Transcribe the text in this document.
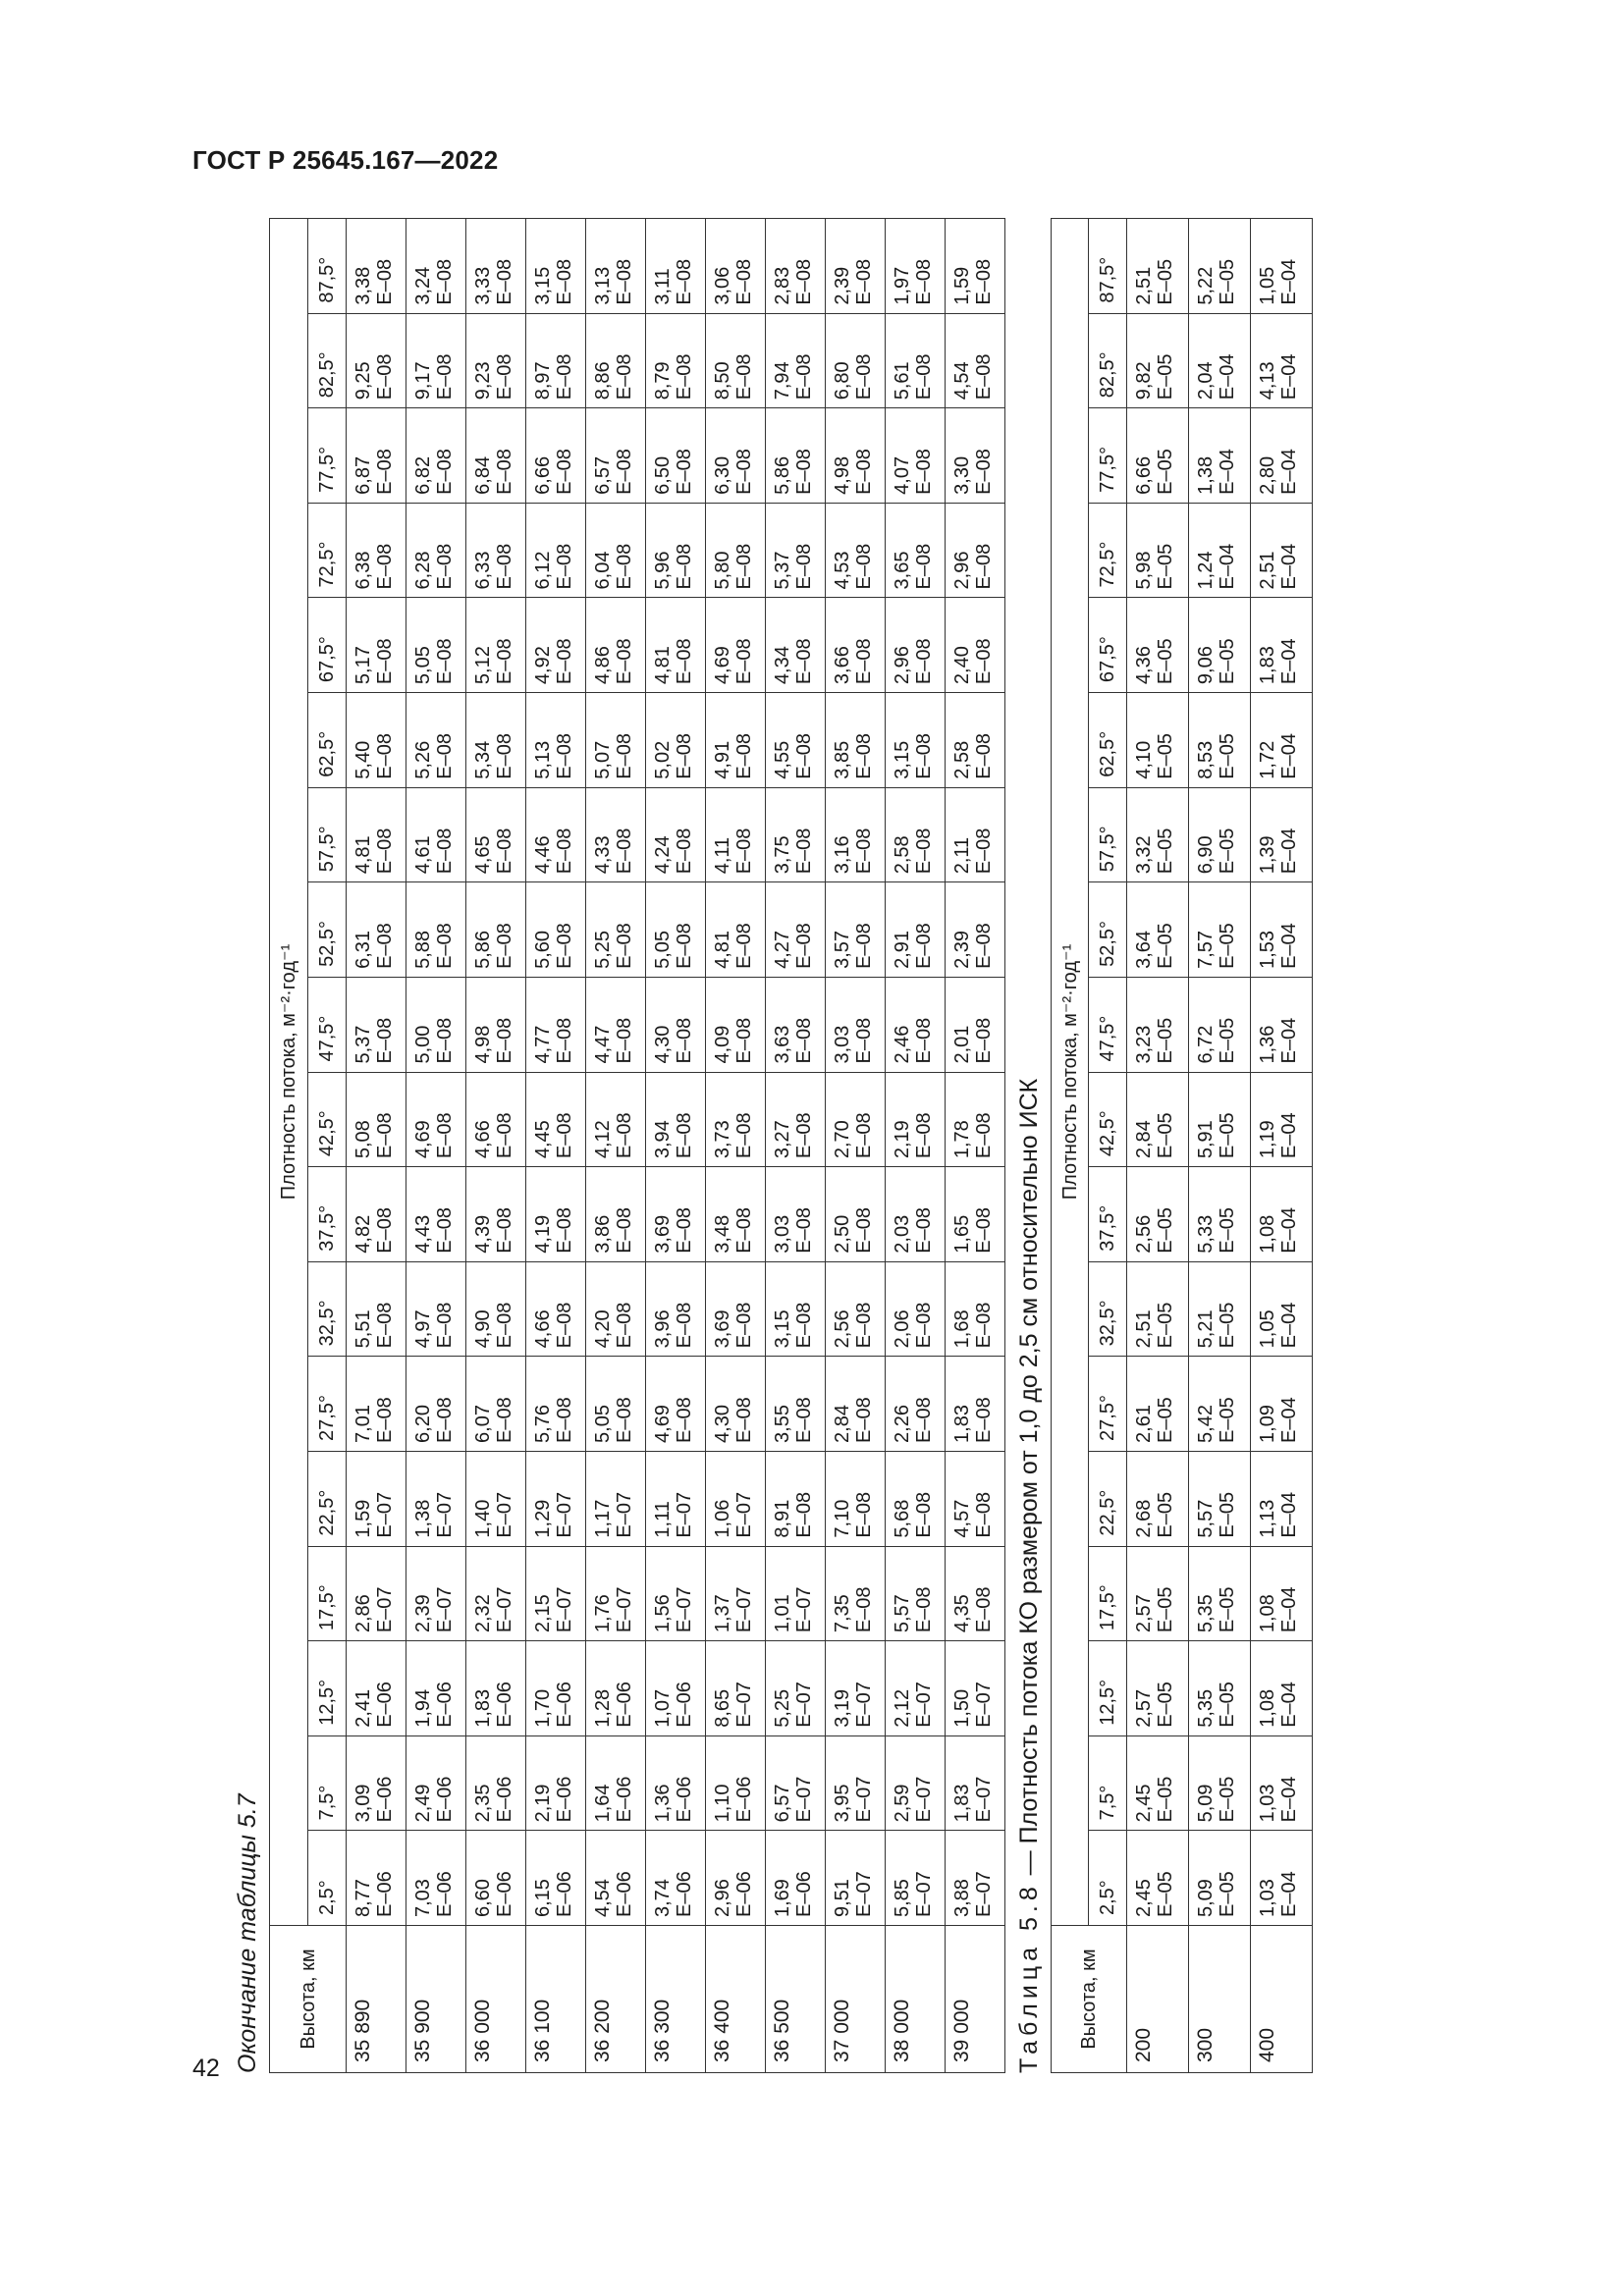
ГОСТ Р 25645.167—2022
42 Окончание таблицы 5.7	Высота, км	Плотность потока, м⁻²·год⁻¹																	
	2,5°	7,5°	12,5°	17,5°	22,5°	27,5°	32,5°	37,5°	42,5°	47,5°	52,5°	57,5°	62,5°	67,5°	72,5°	77,5°	82,5°	87,5°
35 890	8,77 E–06	3,09 E–06	2,41 E–06	2,86 E–07	1,59 E–07	7,01 E–08	5,51 E–08	4,82 E–08	5,08 E–08	5,37 E–08	6,31 E–08	4,81 E–08	5,40 E–08	5,17 E–08	6,38 E–08	6,87 E–08	9,25 E–08	3,38 E–08

35 900	7,03 E–06	2,49 E–06	1,94 E–06	2,39 E–07	1,38 E–07	6,20 E–08	4,97 E–08	4,43 E–08	4,69 E–08	5,00 E–08	5,88 E–08	4,61 E–08	5,26 E–08	5,05 E–08	6,28 E–08	6,82 E–08	9,17 E–08	3,24 E–08

36 000	6,60 E–06	2,35 E–06	1,83 E–06	2,32 E–07	1,40 E–07	6,07 E–08	4,90 E–08	4,39 E–08	4,66 E–08	4,98 E–08	5,86 E–08	4,65 E–08	5,34 E–08	5,12 E–08	6,33 E–08	6,84 E–08	9,23 E–08	3,33 E–08

36 100	6,15 E–06	2,19 E–06	1,70 E–06	2,15 E–07	1,29 E–07	5,76 E–08	4,66 E–08	4,19 E–08	4,45 E–08	4,77 E–08	5,60 E–08	4,46 E–08	5,13 E–08	4,92 E–08	6,12 E–08	6,66 E–08	8,97 E–08	3,15 E–08

36 200	4,54 E–06	1,64 E–06	1,28 E–06	1,76 E–07	1,17 E–07	5,05 E–08	4,20 E–08	3,86 E–08	4,12 E–08	4,47 E–08	5,25 E–08	4,33 E–08	5,07 E–08	4,86 E–08	6,04 E–08	6,57 E–08	8,86 E–08	3,13 E–08

36 300	3,74 E–06	1,36 E–06	1,07 E–06	1,56 E–07	1,11 E–07	4,69 E–08	3,96 E–08	3,69 E–08	3,94 E–08	4,30 E–08	5,05 E–08	4,24 E–08	5,02 E–08	4,81 E–08	5,96 E–08	6,50 E–08	8,79 E–08	3,11 E–08

36 400	2,96 E–06	1,10 E–06	8,65 E–07	1,37 E–07	1,06 E–07	4,30 E–08	3,69 E–08	3,48 E–08	3,73 E–08	4,09 E–08	4,81 E–08	4,11 E–08	4,91 E–08	4,69 E–08	5,80 E–08	6,30 E–08	8,50 E–08	3,06 E–08

36 500	1,69 E–06	6,57 E–07	5,25 E–07	1,01 E–07	8,91 E–08	3,55 E–08	3,15 E–08	3,03 E–08	3,27 E–08	3,63 E–08	4,27 E–08	3,75 E–08	4,55 E–08	4,34 E–08	5,37 E–08	5,86 E–08	7,94 E–08	2,83 E–08

37 000	9,51 E–07	3,95 E–07	3,19 E–07	7,35 E–08	7,10 E–08	2,84 E–08	2,56 E–08	2,50 E–08	2,70 E–08	3,03 E–08	3,57 E–08	3,16 E–08	3,85 E–08	3,66 E–08	4,53 E–08	4,98 E–08	6,80 E–08	2,39 E–08

38 000	5,85 E–07	2,59 E–07	2,12 E–07	5,57 E–08	5,68 E–08	2,26 E–08	2,06 E–08	2,03 E–08	2,19 E–08	2,46 E–08	2,91 E–08	2,58 E–08	3,15 E–08	2,96 E–08	3,65 E–08	4,07 E–08	5,61 E–08	1,97 E–08

39 000	3,88 E–07	1,83 E–07	1,50 E–07	4,35 E–08	4,57 E–08	1,83 E–08	1,68 E–08	1,65 E–08	1,78 E–08	2,01 E–08	2,39 E–08	2,11 E–08	2,58 E–08	2,40 E–08	2,96 E–08	3,30 E–08	4,54 E–08	1,59 E–08

Таблица 5.8 — Плотность потока КО размером от 1,0 до 2,5 см относительно ИСК

Высота, км	Плотность потока, м⁻²·год⁻¹																	
	2,5°	7,5°	12,5°	17,5°	22,5°	27,5°	32,5°	37,5°	42,5°	47,5°	52,5°	57,5°	62,5°	67,5°	72,5°	77,5°	82,5°	87,5°
200	2,45 E–05	2,45 E–05	2,57 E–05	2,57 E–05	2,68 E–05	2,61 E–05	2,51 E–05	2,56 E–05	2,84 E–05	3,23 E–05	3,64 E–05	3,32 E–05	4,10 E–05	4,36 E–05	5,98 E–05	6,66 E–05	9,82 E–05	2,51 E–05

300	5,09 E–05	5,09 E–05	5,35 E–05	5,35 E–05	5,57 E–05	5,42 E–05	5,21 E–05	5,33 E–05	5,91 E–05	6,72 E–05	7,57 E–05	6,90 E–05	8,53 E–05	9,06 E–05	1,24 E–04	1,38 E–04	2,04 E–04	5,22 E–05

400	1,03 E–04	1,03 E–04	1,08 E–04	1,08 E–04	1,13 E–04	1,09 E–04	1,05 E–04	1,08 E–04	1,19 E–04	1,36 E–04	1,53 E–04	1,39 E–04	1,72 E–04	1,83 E–04	2,51 E–04	2,80 E–04	4,13 E–04	1,05 E–04
